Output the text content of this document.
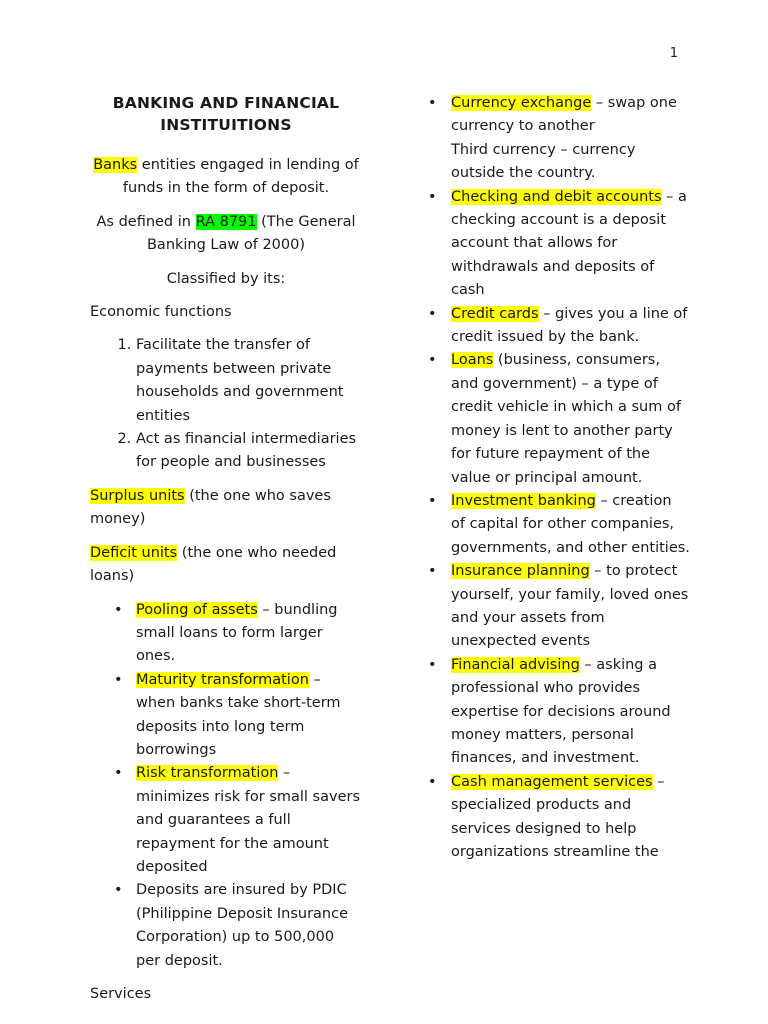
1
BANKING AND FINANCIAL
INSTITUITIONS

Banks entities engaged in lending of funds in the form of deposit.

As defined in RA 8791 (The General Banking Law of 2000)

Classified by its:

Economic functions

1. Facilitate the transfer of payments between private households and government entities
2. Act as financial intermediaries for people and businesses

Surplus units (the one who saves money)

Deficit units (the one who needed loans)

• Pooling of assets – bundling small loans to form larger ones.
• Maturity transformation – when banks take short-term deposits into long term borrowings
• Risk transformation – minimizes risk for small savers and guarantees a full repayment for the amount deposited
• Deposits are insured by PDIC (Philippine Deposit Insurance Corporation) up to 500,000 per deposit.

Services

• Currency exchange – swap one currency to another
Third currency – currency outside the country.
• Checking and debit accounts – a checking account is a deposit account that allows for withdrawals and deposits of cash
• Credit cards – gives you a line of credit issued by the bank.
• Loans (business, consumers, and government) – a type of credit vehicle in which a sum of money is lent to another party for future repayment of the value or principal amount.
• Investment banking – creation of capital for other companies, governments, and other entities.
• Insurance planning – to protect yourself, your family, loved ones and your assets from unexpected events
• Financial advising – asking a professional who provides expertise for decisions around money matters, personal finances, and investment.
• Cash management services – specialized products and services designed to help organizations streamline the
